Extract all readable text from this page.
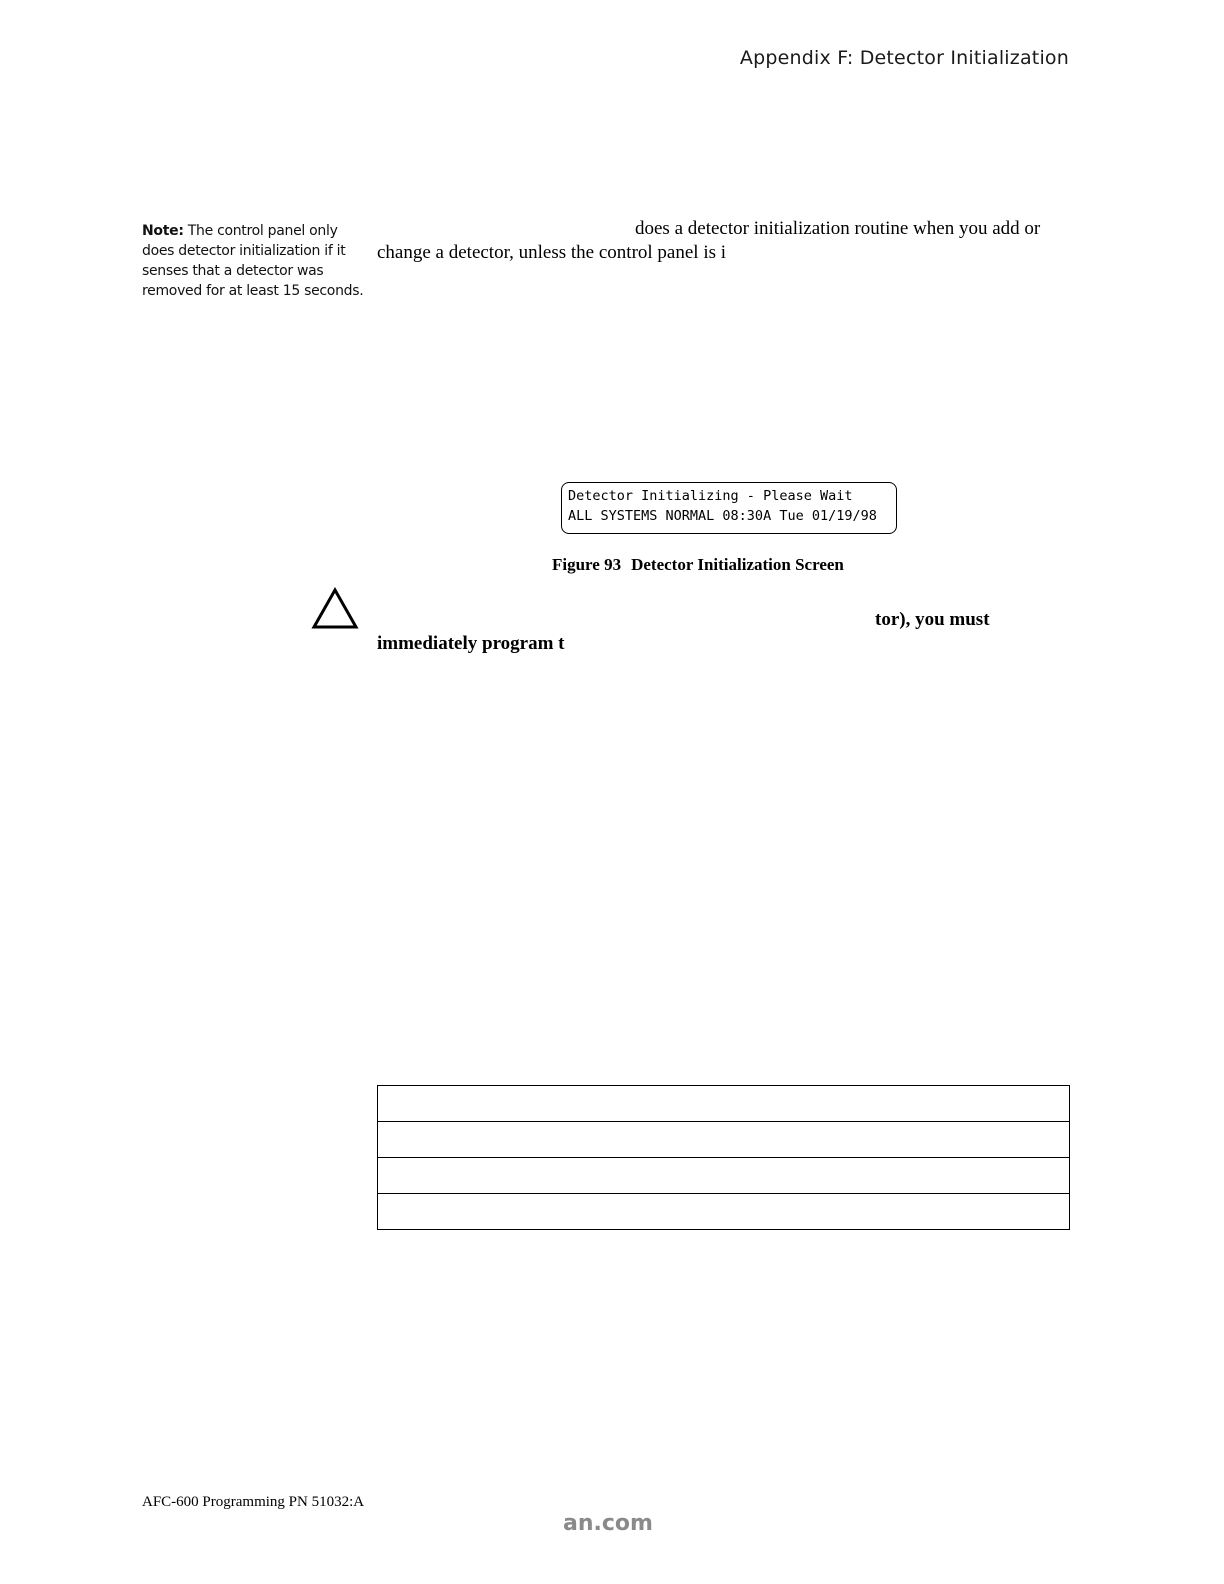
Appendix F: Detector Initialization
Note: The control panel only does detector initialization if it senses that a detector was removed for at least 15 seconds.
does a detector initialization routine when you add or
change a detector, unless the control panel is i
Detector Initializing - Please Wait
ALL SYSTEMS NORMAL 08:30A Tue 01/19/98
Figure 93 Detector Initialization Screen
tor), you must
immediately program t

AFC-600 Programming PN 51032:A
an.com
